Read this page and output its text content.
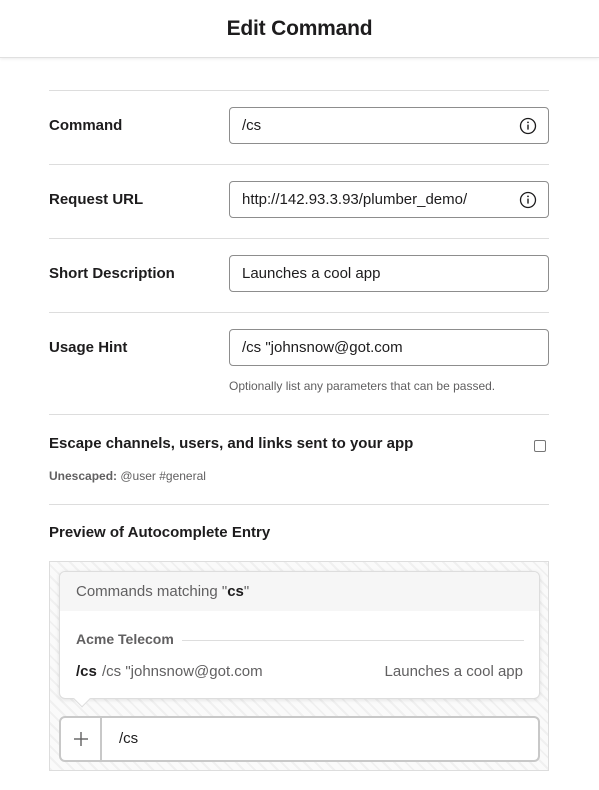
Edit Command
Command	/cs
Request URL	http://142.93.3.93/plumber_demo/
Short Description	Launches a cool app
Usage Hint	/cs "johnsnow@got.com
Optionally list any parameters that can be passed.
Escape channels, users, and links sent to your app
Unescaped: @user #general
Preview of Autocomplete Entry
Commands matching " cs "
Acme Telecom
/cs /cs "johnsnow@got.com	Launches a cool app
/cs
